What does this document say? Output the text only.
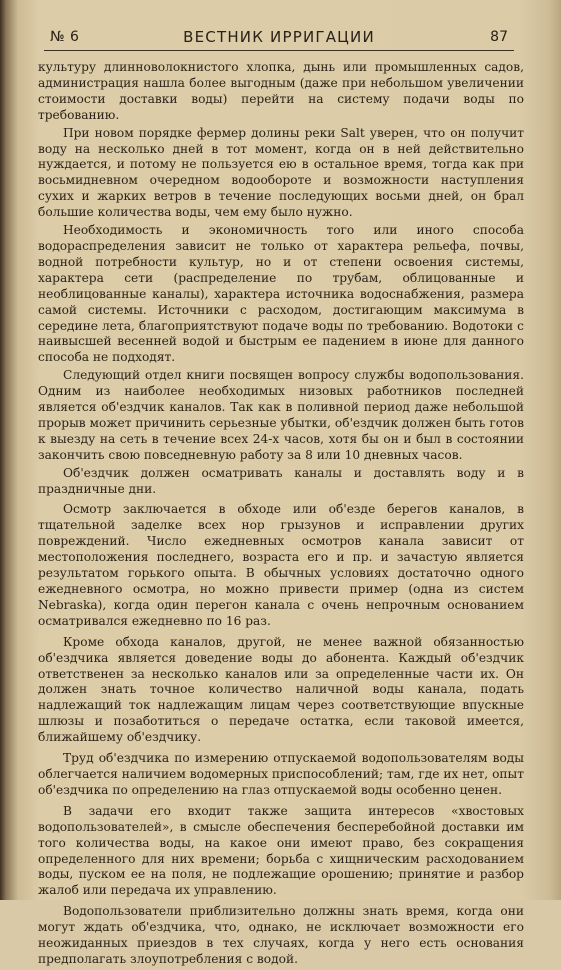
№ 6	ВЕСТНИК ИРРИГАЦИИ	87

культуру длинноволокнистого хлопка, дынь или промышленных садов, администрация нашла более выгодным (даже при небольшом увеличении стоимости доставки воды) перейти на систему подачи воды по требованию.

При новом порядке фермер долины реки Salt уверен, что он получит воду на несколько дней в тот момент, когда он в ней действительно нуждается, и потому не пользуется ею в остальное время, тогда как при восьмидневном очередном водообороте и возможности наступления сухих и жарких ветров в течение последующих восьми дней, он брал большие количества воды, чем ему было нужно.

Необходимость и экономичность того или иного способа водораспределения зависит не только от характера рельефа, почвы, водной потребности культур, но и от степени освоения системы, характера сети (распределение по трубам, облицованные и необлицованные каналы), характера источника водоснабжения, размера самой системы. Источники с расходом, достигающим максимума в середине лета, благоприятствуют подаче воды по требованию. Водотоки с наивысшей весенней водой и быстрым ее падением в июне для данного способа не подходят.

Следующий отдел книги посвящен вопросу службы водопользования. Одним из наиболее необходимых низовых работников последней является об'ездчик каналов. Так как в поливной период даже небольшой прорыв может причинить серьезные убытки, об'ездчик должен быть готов к выезду на сеть в течение всех 24-х часов, хотя бы он и был в состоянии закончить свою повседневную работу за 8 или 10 дневных часов.

Об'ездчик должен осматривать каналы и доставлять воду и в праздничные дни.

Осмотр заключается в обходе или об'езде берегов каналов, в тщательной заделке всех нор грызунов и исправлении других повреждений. Число ежедневных осмотров канала зависит от местоположения последнего, возраста его и пр. и зачастую является результатом горького опыта. В обычных условиях достаточно одного ежедневного осмотра, но можно привести пример (одна из систем Nebraska), когда один перегон канала с очень непрочным основанием осматривался ежедневно по 16 раз.

Кроме обхода каналов, другой, не менее важной обязанностью об'ездчика является доведение воды до абонента. Каждый об'ездчик ответственен за несколько каналов или за определенные части их. Он должен знать точное количество наличной воды канала, подать надлежащий ток надлежащим лицам через соответствующие впускные шлюзы и позаботиться о передаче остатка, если таковой имеется, ближайшему об'ездчику.

Труд об'ездчика по измерению отпускаемой водопользователям воды облегчается наличием водомерных приспособлений; там, где их нет, опыт об'ездчика по определению на глаз отпускаемой воды особенно ценен.

В задачи его входит также защита интересов «хвостовых водопользователей», в смысле обеспечения бесперебойной доставки им того количества воды, на какое они имеют право, без сокращения определенного для них времени; борьба с хищническим расходованием воды, пуском ее на поля, не подлежащие орошению; принятие и разбор жалоб или передача их управлению.

Водопользователи приблизительно должны знать время, когда они могут ждать об'ездчика, что, однако, не исключает возможности его неожиданных приездов в тех случаях, когда у него есть основания предполагать злоупотребления с водой.
